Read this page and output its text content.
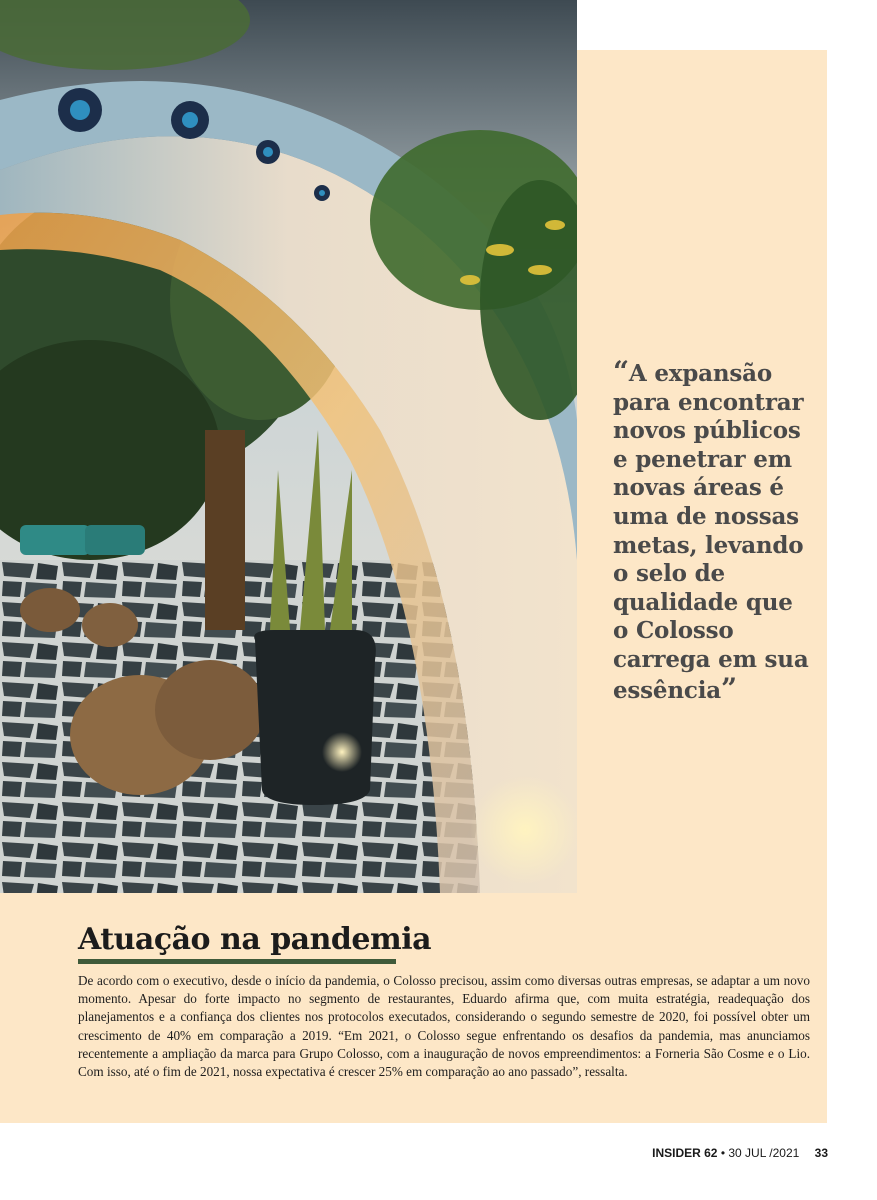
“A expansão para encontrar novos públicos e penetrar em novas áreas é uma de nossas metas, levando o selo de qualidade que o Colosso carrega em sua essência”

Atuação na pandemia

De acordo com o executivo, desde o início da pandemia, o Colosso precisou, assim como diversas outras empresas, se adaptar a um novo momento. Apesar do forte impacto no segmento de restaurantes, Eduardo afirma que, com muita estratégia, readequação dos planejamentos e a confiança dos clientes nos protocolos executados, considerando o segundo semestre de 2020, foi possível obter um crescimento de 40% em comparação a 2019. “Em 2021, o Colosso segue enfrentando os desafios da pandemia, mas anunciamos recentemente a ampliação da marca para Grupo Colosso, com a inauguração de novos empreendimentos: a Forneria São Cosme e o Lio. Com isso, até o fim de 2021, nossa expectativa é crescer 25% em comparação ao ano passado”, ressalta.

INSIDER 62 • 30 JUL /2021 33
